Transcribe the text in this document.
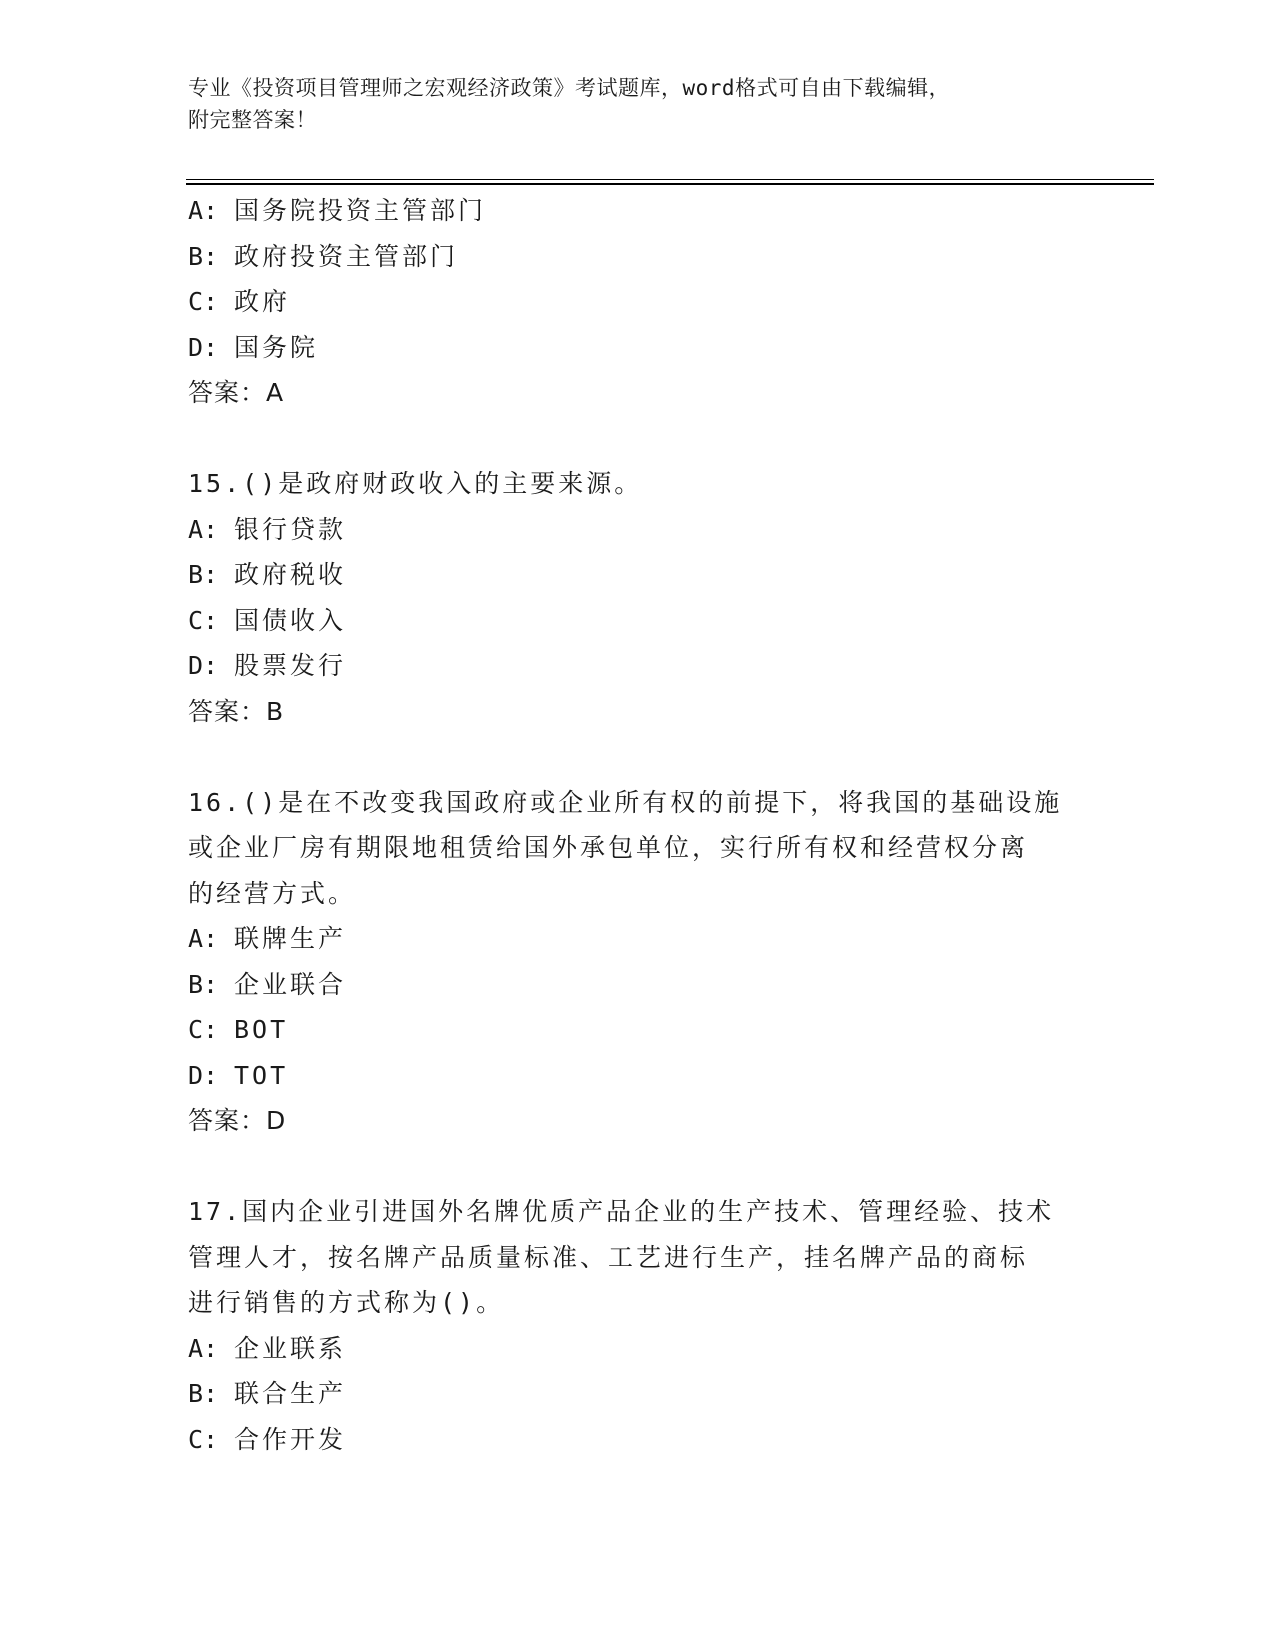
专业《投资项目管理师之宏观经济政策》考试题库，word格式可自由下载编辑，
附完整答案！
A: 国务院投资主管部门
B: 政府投资主管部门
C: 政府
D: 国务院
答案：A
15.()是政府财政收入的主要来源。
A: 银行贷款
B: 政府税收
C: 国债收入
D: 股票发行
答案：B
16.()是在不改变我国政府或企业所有权的前提下，将我国的基础设施
或企业厂房有期限地租赁给国外承包单位，实行所有权和经营权分离
的经营方式。
A: 联牌生产
B: 企业联合
C: BOT
D: TOT
答案：D
17.国内企业引进国外名牌优质产品企业的生产技术、管理经验、技术
管理人才，按名牌产品质量标准、工艺进行生产，挂名牌产品的商标
进行销售的方式称为()。
A: 企业联系
B: 联合生产
C: 合作开发
